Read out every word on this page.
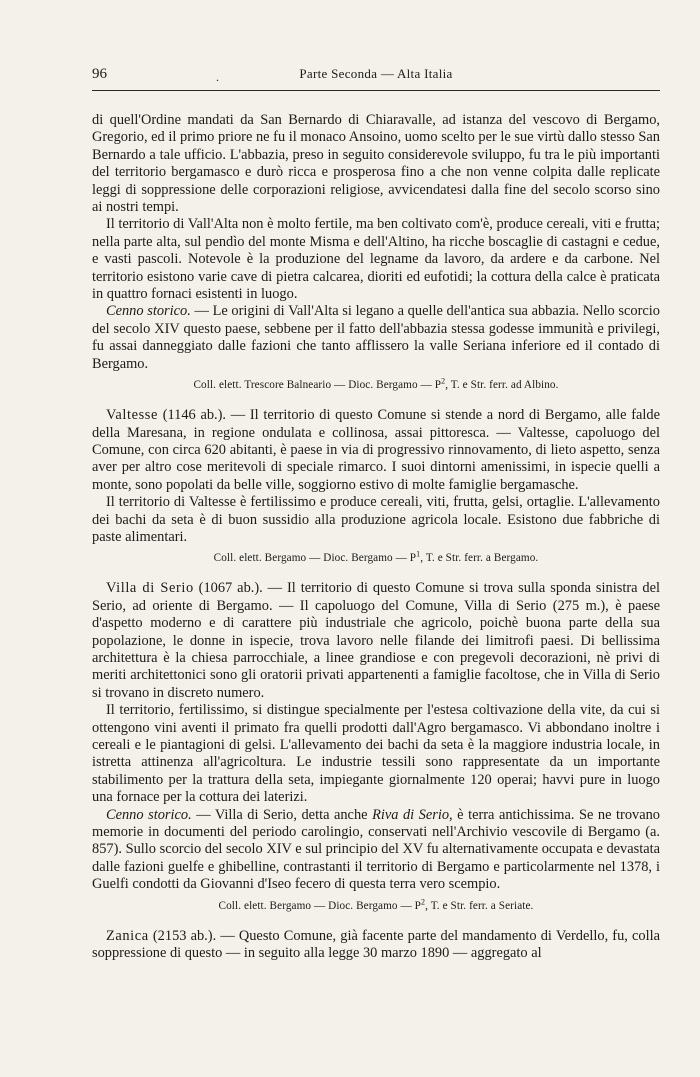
96	.	Parte Seconda — Alta Italia

di quell'Ordine mandati da San Bernardo di Chiaravalle, ad istanza del vescovo di Bergamo, Gregorio, ed il primo priore ne fu il monaco Ansoino, uomo scelto per le sue virtù dallo stesso San Bernardo a tale ufficio. L'abbazia, preso in seguito considerevole sviluppo, fu tra le più importanti del territorio bergamasco e durò ricca e prosperosa fino a che non venne colpita dalle replicate leggi di soppressione delle corporazioni religiose, avvicendatesi dalla fine del secolo scorso sino ai nostri tempi.

Il territorio di Vall'Alta non è molto fertile, ma ben coltivato com'è, produce cereali, viti e frutta; nella parte alta, sul pendìo del monte Misma e dell'Altino, ha ricche boscaglie di castagni e cedue, e vasti pascoli. Notevole è la produzione del legname da lavoro, da ardere e da carbone. Nel territorio esistono varie cave di pietra calcarea, dioriti ed eufotidi; la cottura della calce è praticata in quattro fornaci esistenti in luogo.

Cenno storico. — Le origini di Vall'Alta si legano a quelle dell'antica sua abbazia. Nello scorcio del secolo XIV questo paese, sebbene per il fatto dell'abbazia stessa godesse immunità e privilegi, fu assai danneggiato dalle fazioni che tanto afflissero la valle Seriana inferiore ed il contado di Bergamo.

Coll. elett. Trescore Balneario — Dioc. Bergamo — $P^2$, T. e Str. ferr. ad Albino.

Valtesse (1146 ab.). — Il territorio di questo Comune si stende a nord di Bergamo, alle falde della Maresana, in regione ondulata e collinosa, assai pittoresca. — Valtesse, capoluogo del Comune, con circa 620 abitanti, è paese in via di progressivo rinnovamento, di lieto aspetto, senza aver per altro cose meritevoli di speciale rimarco. I suoi dintorni amenissimi, in ispecie quelli a monte, sono popolati da belle ville, soggiorno estivo di molte famiglie bergamasche.

Il territorio di Valtesse è fertilissimo e produce cereali, viti, frutta, gelsi, ortaglie. L'allevamento dei bachi da seta è di buon sussidio alla produzione agricola locale. Esistono due fabbriche di paste alimentari.

Coll. elett. Bergamo — Dioc. Bergamo — $P^1$, T. e Str. ferr. a Bergamo.

Villa di Serio (1067 ab.). — Il territorio di questo Comune si trova sulla sponda sinistra del Serio, ad oriente di Bergamo. — Il capoluogo del Comune, Villa di Serio (275 m.), è paese d'aspetto moderno e di carattere più industriale che agricolo, poichè buona parte della sua popolazione, le donne in ispecie, trova lavoro nelle filande dei limitrofi paesi. Di bellissima architettura è la chiesa parrocchiale, a linee grandiose e con pregevoli decorazioni, nè privi di meriti architettonici sono gli oratorii privati appartenenti a famiglie facoltose, che in Villa di Serio si trovano in discreto numero.

Il territorio, fertilissimo, si distingue specialmente per l'estesa coltivazione della vite, da cui si ottengono vini aventi il primato fra quelli prodotti dall'Agro bergamasco. Vi abbondano inoltre i cereali e le piantagioni di gelsi. L'allevamento dei bachi da seta è la maggiore industria locale, in istretta attinenza all'agricoltura. Le industrie tessili sono rappresentate da un importante stabilimento per la trattura della seta, impiegante giornalmente 120 operai; havvi pure in luogo una fornace per la cottura dei laterizi.

Cenno storico. — Villa di Serio, detta anche Riva di Serio, è terra antichissima. Se ne trovano memorie in documenti del periodo carolingio, conservati nell'Archivio vescovile di Bergamo (a. 857). Sullo scorcio del secolo XIV e sul principio del XV fu alternativamente occupata e devastata dalle fazioni guelfe e ghibelline, contrastanti il territorio di Bergamo e particolarmente nel 1378, i Guelfi condotti da Giovanni d'Iseo fecero di questa terra vero scempio.

Coll. elett. Bergamo — Dioc. Bergamo — $P^2$, T. e Str. ferr. a Seriate.

Zanica (2153 ab.). — Questo Comune, già facente parte del mandamento di Verdello, fu, colla soppressione di questo — in seguito alla legge 30 marzo 1890 — aggregato al
